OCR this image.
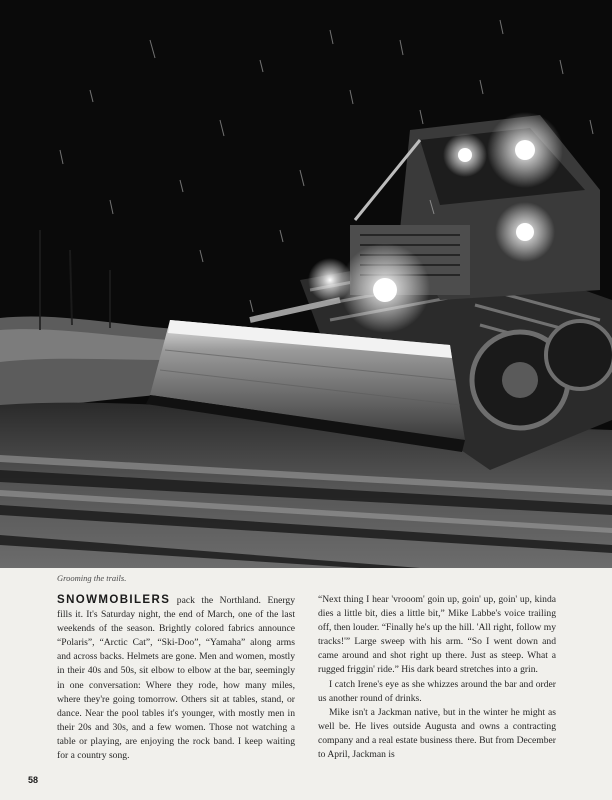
Grooming the trails.

SNOWMOBILERS pack the Northland. Energy fills it. It's Saturday night, the end of March, one of the last weekends of the season. Brightly colored fabrics announce “Polaris”, “Arctic Cat”, “Ski-Doo”, “Yamaha” along arms and across backs. Helmets are gone. Men and women, mostly in their 40s and 50s, sit elbow to elbow at the bar, seemingly in one conversation: Where they rode, how many miles, where they're going tomorrow. Others sit at tables, stand, or dance. Near the pool tables it's younger, with mostly men in their 20s and 30s, and a few women. Those not watching a table or playing, are enjoying the rock band. I keep waiting for a country song.

“Next thing I hear 'vrooom' goin up, goin' up, goin' up, kinda dies a little bit, dies a little bit,” Mike Labbe's voice trailing off, then louder. “Finally he's up the hill. 'All right, follow my tracks!'” Large sweep with his arm. “So I went down and came around and shot right up there. Just as steep. What a rugged friggin' ride.” His dark beard stretches into a grin.

I catch Irene's eye as she whizzes around the bar and order us another round of drinks.

Mike isn't a Jackman native, but in the winter he might as well be. He lives outside Augusta and owns a contracting company and a real estate business there. But from December to April, Jackman is

58
